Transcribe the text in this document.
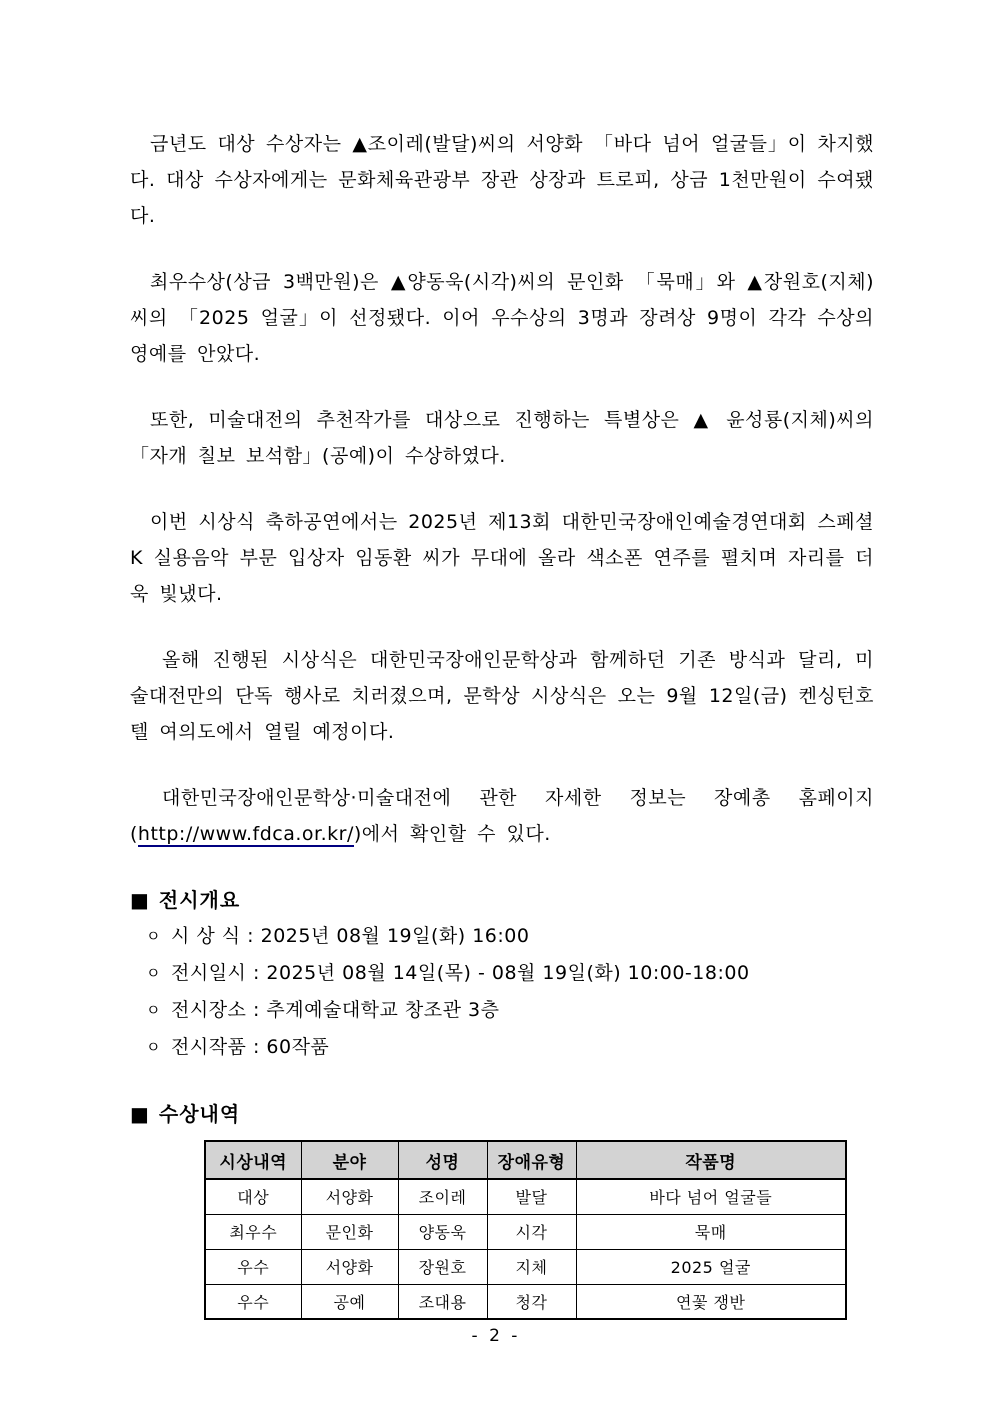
금년도 대상 수상자는 ▲조이레(발달)씨의 서양화 「바다 넘어 얼굴들」이 차지했다. 대상 수상자에게는 문화체육관광부 장관 상장과 트로피, 상금 1천만원이 수여됐다.

최우수상(상금 3백만원)은 ▲양동욱(시각)씨의 문인화 「묵매」와 ▲장원호(지체)씨의 「2025 얼굴」이 선정됐다. 이어 우수상의 3명과 장려상 9명이 각각 수상의 영예를 안았다.

또한, 미술대전의 추천작가를 대상으로 진행하는 특별상은 ▲ 윤성룡(지체)씨의 「자개 칠보 보석함」(공예)이 수상하였다.

이번 시상식 축하공연에서는 2025년 제13회 대한민국장애인예술경연대회 스페셜K 실용음악 부문 입상자 임동환 씨가 무대에 올라 색소폰 연주를 펼치며 자리를 더욱 빛냈다.

올해 진행된 시상식은 대한민국장애인문학상과 함께하던 기존 방식과 달리, 미술대전만의 단독 행사로 치러졌으며, 문학상 시상식은 오는 9월 12일(금) 켄싱턴호텔 여의도에서 열릴 예정이다.

대한민국장애인문학상·미술대전에 관한 자세한 정보는 장예총 홈페이지(http://www.fdca.or.kr/)에서 확인할 수 있다.

■ 전시개요
ㅇ 시 상 식 : 2025년 08월 19일(화) 16:00
ㅇ 전시일시 : 2025년 08월 14일(목) - 08월 19일(화) 10:00-18:00
ㅇ 전시장소 : 추계예술대학교 창조관 3층
ㅇ 전시작품 : 60작품
■ 수상내역
시상내역	분야	성명	장애유형	작품명
대상	서양화	조이레	발달	바다 넘어 얼굴들
최우수	문인화	양동욱	시각	묵매
우수	서양화	장원호	지체	2025 얼굴
우수	공예	조대용	청각	연꽃 쟁반
- 2 -
